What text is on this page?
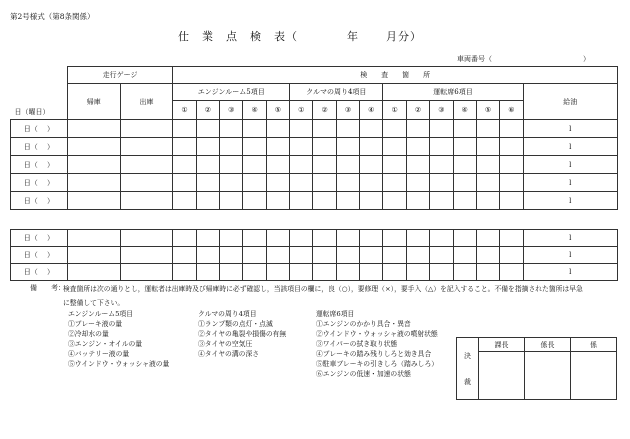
第2号様式（第8条関係）
仕　業　点　検　表（	年 月分）
車両番号（　　　　　　　　　　　　　）
日（曜日）	走行ゲージ		検　　査　　箇　　所															
	帰庫	出庫	エンジンルーム5項目					クルマの周り4項目				運転席6項目						給油
			①	②	③	④	⑤	①	②	③	④	①	②	③	④	⑤	⑥	
日（　 ）																		l
日（　 ）																		l
日（　 ）																		l
日（　 ）																		l
日（　 ）																		l
日（　 ）																		l
日（　 ）																		l
日（　 ）																		l
備　　考：
検査箇所は次の通りとし，運転者は出庫時及び帰庫時に必ず確認し，当該項目の欄に，良（○），要修理（×），要手入（△）を記入すること。不備を指摘された箇所は早急
に整備して下さい。
エンジンルーム5項目
①ブレーキ液の量
②冷却水の量
③エンジン・オイルの量
④バッテリー液の量
⑤ウインドウ・ウォッシャ液の量
クルマの周り4項目
①ランプ類の点灯・点滅
②タイヤの亀裂や損傷の有無
③タイヤの空気圧
④タイヤの溝の深さ
運転席6項目
①エンジンのかかり具合・異音
②ウインドウ・ウォッシャ液の噴射状態
③ワイパーの拭き取り状態
④ブレーキの踏み残りしろと効き具合
⑤駐車ブレーキの引きしろ（踏みしろ）
⑥エンジンの低速・加速の状態
決
裁	課長	係長	係
